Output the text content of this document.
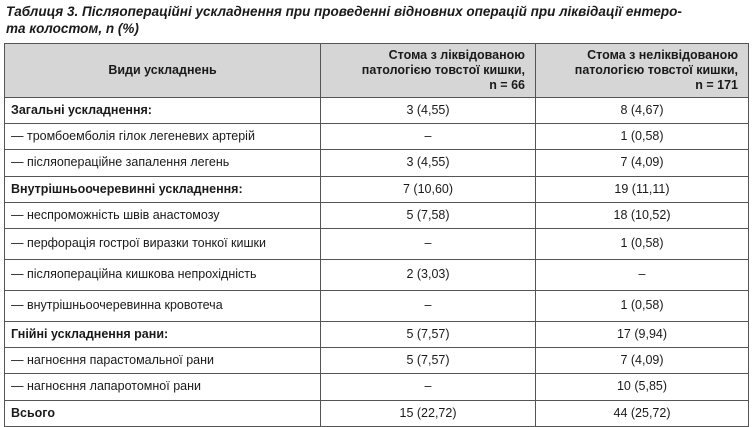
Таблиця 3. Післяопераційні ускладнення при проведенні відновних операцій при ліквідації ентеро-
та колостом, n (%)
Види ускладнень	Стома з ліквідованою
патологією товстої кишки,
n = 66	Стома з неліквідованою
патологією товстої кишки,
n = 171

Загальні ускладнення:	3 (4,55)	8 (4,67)
— тромбоемболія гілок легеневих артерій	–	1 (0,58)
— післяопераційне запалення легень	3 (4,55)	7 (4,09)
Внутрішньоочеревинні ускладнення:	7 (10,60)	19 (11,11)
— неспроможність швів анастомозу	5 (7,58)	18 (10,52)
— перфорація гострої виразки тонкої кишки	–	1 (0,58)
— післяопераційна кишкова непрохідність	2 (3,03)	–
— внутрішньоочеревинна кровотеча	–	1 (0,58)
Гнійні ускладнення рани:	5 (7,57)	17 (9,94)
— нагноєння парастомальної рани	5 (7,57)	7 (4,09)
— нагноєння лапаротомної рани	–	10 (5,85)
Всього	15 (22,72)	44 (25,72)
